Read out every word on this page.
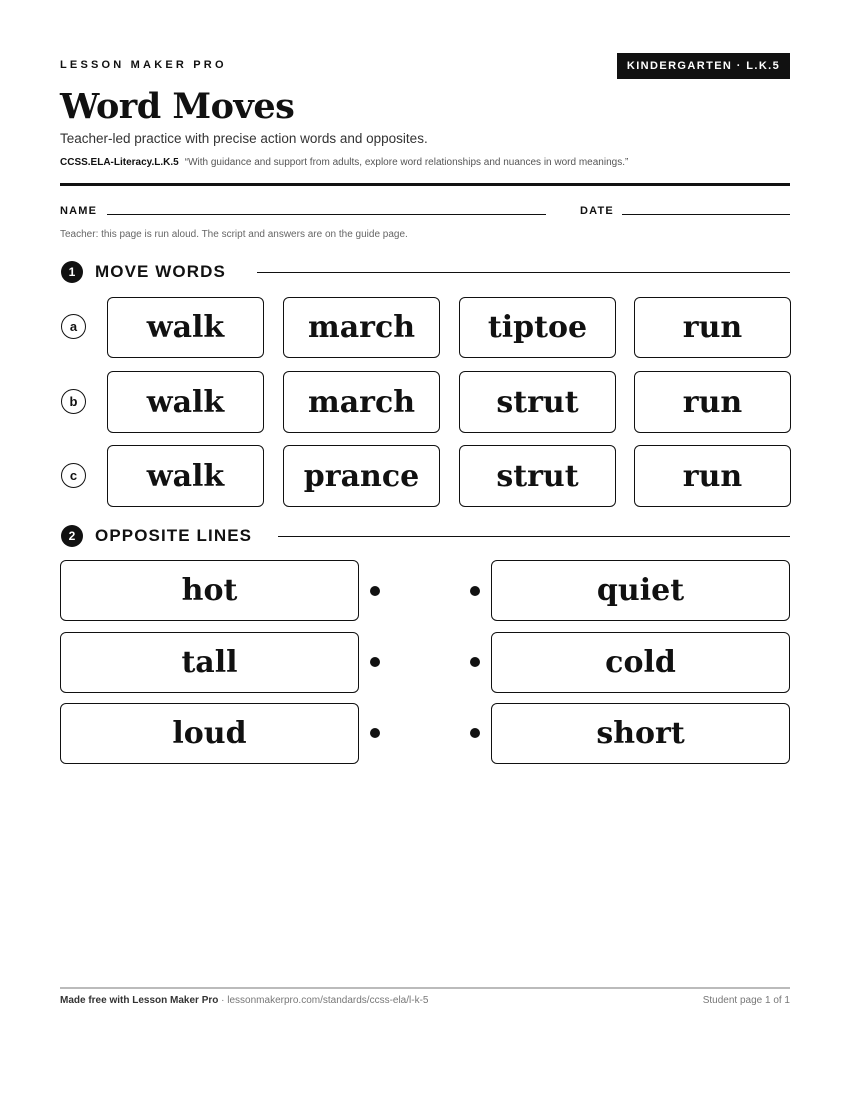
LESSON MAKER PRO	KINDERGARTEN · L.K.5
Word Moves
Teacher-led practice with precise action words and opposites.
CCSS.ELA-Literacy.L.K.5 “With guidance and support from adults, explore word relationships and nuances in word meanings.”
NAME	DATE
Teacher: this page is run aloud. The script and answers are on the guide page.
1	MOVE WORDS
a	walk	march	tiptoe	run
b	walk	march	strut	run
c	walk	prance	strut	run
2	OPPOSITE LINES
hot	quiet
tall	cold
loud	short
Made free with Lesson Maker Pro · lessonmakerpro.com/standards/ccss-ela/l-k-5	Student page 1 of 1
